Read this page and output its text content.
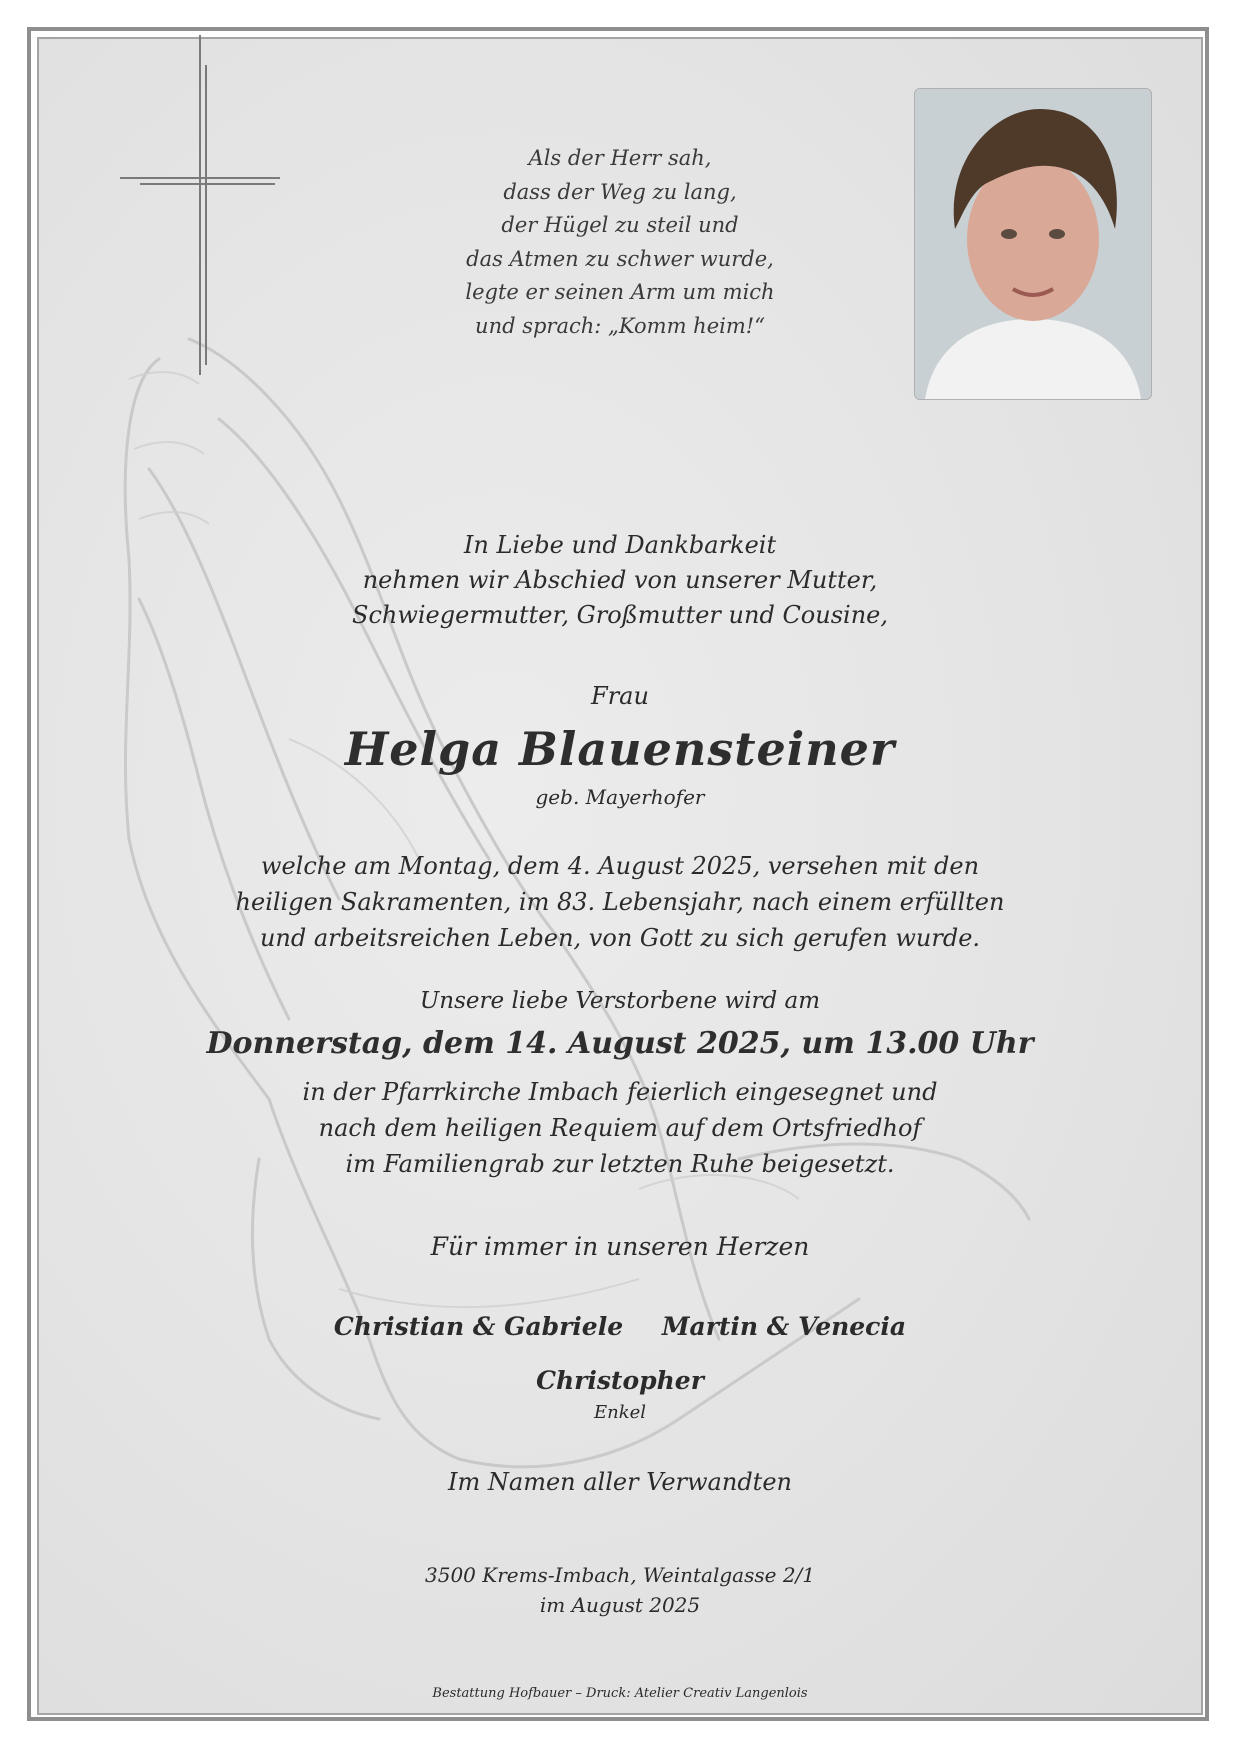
Als der Herr sah,
dass der Weg zu lang,
der Hügel zu steil und
das Atmen zu schwer wurde,
legte er seinen Arm um mich
und sprach: „Komm heim!“
In Liebe und Dankbarkeit
nehmen wir Abschied von unserer Mutter,
Schwiegermutter, Großmutter und Cousine,
Frau
Helga Blauensteiner
geb. Mayerhofer
welche am Montag, dem 4. August 2025, versehen mit den
heiligen Sakramenten, im 83. Lebensjahr, nach einem erfüllten
und arbeitsreichen Leben, von Gott zu sich gerufen wurde.
Unsere liebe Verstorbene wird am
Donnerstag, dem 14. August 2025, um 13.00 Uhr
in der Pfarrkirche Imbach feierlich eingesegnet und
nach dem heiligen Requiem auf dem Ortsfriedhof
im Familiengrab zur letzten Ruhe beigesetzt.
Für immer in unseren Herzen
Christian & Gabriele Martin & Venecia
Christopher
Enkel
Im Namen aller Verwandten
3500 Krems-Imbach, Weintalgasse 2/1
im August 2025
Bestattung Hofbauer – Druck: Atelier Creativ Langenlois
